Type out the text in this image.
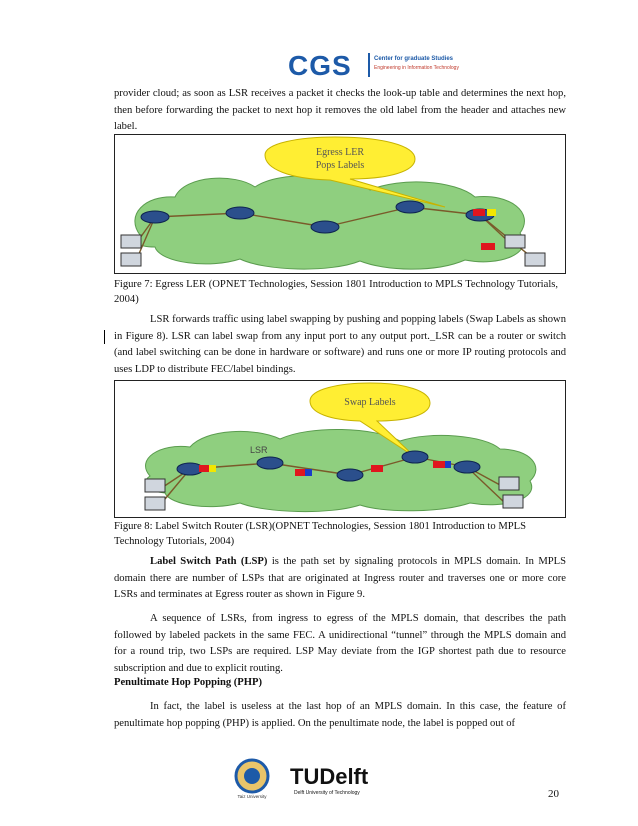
CGS	Center for graduate Studies
Engineering in Information Technology

provider cloud; as soon as LSR receives a packet it checks the look-up table and determines the next hop, then before forwarding the packet to next hop it removes the old label from the header and attaches new label.

Egress LER
Pops Labels

Figure 7: Egress LER (OPNET Technologies, Session 1801 Introduction to MPLS Technology Tutorials, 2004)

LSR forwards traffic using label swapping by pushing and popping labels (Swap Labels as shown in Figure 8). LSR can label swap from any input port to any output port._LSR can be a router or switch (and label switching can be done in hardware or software) and runs one or more IP routing protocols and uses LDP to distribute FEC/label bindings.

LSR
Swap Labels

Figure 8: Label Switch Router (LSR)(OPNET Technologies, Session 1801 Introduction to MPLS Technology Tutorials, 2004)

Label Switch Path (LSP) is the path set by signaling protocols in MPLS domain. In MPLS domain there are number of LSPs that are originated at Ingress router and traverses one or more core LSRs and terminates at Egress router as shown in Figure 9.

A sequence of LSRs, from ingress to egress of the MPLS domain, that describes the path followed by labeled packets in the same FEC. A unidirectional “tunnel” through the MPLS domain and for a round trip, two LSPs are required. LSP May deviate from the IGP shortest path due to resource subscription and due to explicit routing.

Penultimate Hop Popping (PHP)

In fact, the label is useless at the last hop of an MPLS domain. In this case, the feature of penultimate hop popping (PHP) is applied. On the penultimate node, the label is popped out of

Taiz University
TUDelft
Delft University of Technology	20
